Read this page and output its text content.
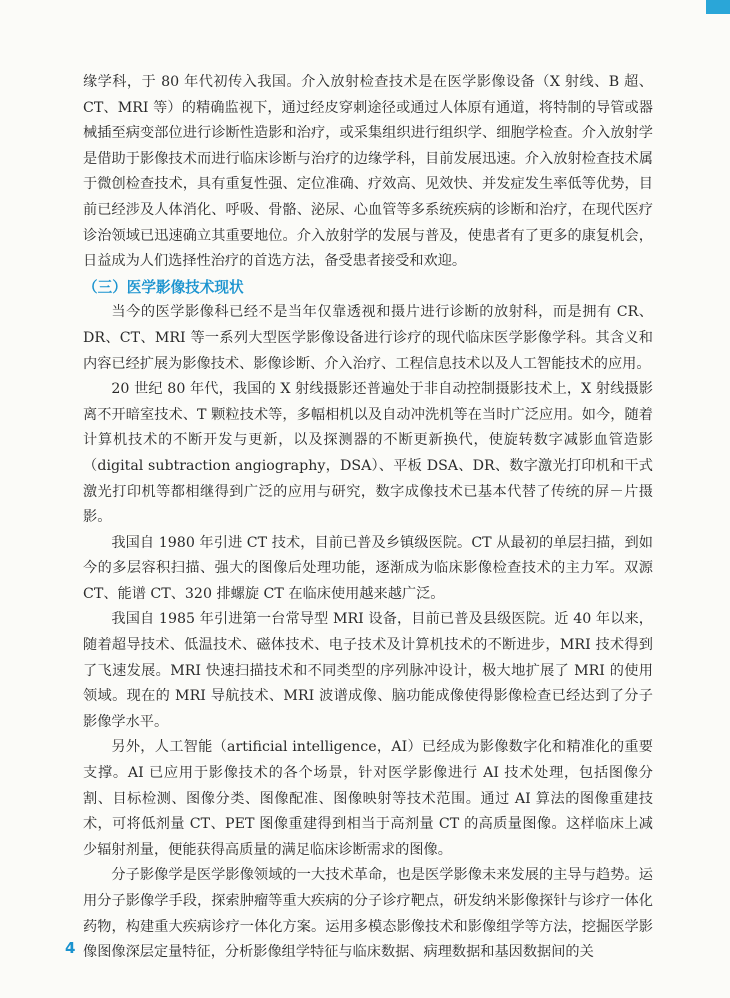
缘学科，于 80 年代初传入我国。介入放射检查技术是在医学影像设备（X 射线、B 超、CT、MRI 等）的精确监视下，通过经皮穿刺途径或通过人体原有通道，将特制的导管或器械插至病变部位进行诊断性造影和治疗，或采集组织进行组织学、细胞学检查。介入放射学是借助于影像技术而进行临床诊断与治疗的边缘学科，目前发展迅速。介入放射检查技术属于微创检查技术，具有重复性强、定位准确、疗效高、见效快、并发症发生率低等优势，目前已经涉及人体消化、呼吸、骨骼、泌尿、心血管等多系统疾病的诊断和治疗，在现代医疗诊治领域已迅速确立其重要地位。介入放射学的发展与普及，使患者有了更多的康复机会，日益成为人们选择性治疗的首选方法，备受患者接受和欢迎。

（三）医学影像技术现状

当今的医学影像科已经不是当年仅靠透视和摄片进行诊断的放射科，而是拥有 CR、DR、CT、MRI 等一系列大型医学影像设备进行诊疗的现代临床医学影像学科。其含义和内容已经扩展为影像技术、影像诊断、介入治疗、工程信息技术以及人工智能技术的应用。

20 世纪 80 年代，我国的 X 射线摄影还普遍处于非自动控制摄影技术上，X 射线摄影离不开暗室技术、T 颗粒技术等，多幅相机以及自动冲洗机等在当时广泛应用。如今，随着计算机技术的不断开发与更新，以及探测器的不断更新换代，使旋转数字减影血管造影（digital subtraction angiography，DSA）、平板 DSA、DR、数字激光打印机和干式激光打印机等都相继得到广泛的应用与研究，数字成像技术已基本代替了传统的屏－片摄影。

我国自 1980 年引进 CT 技术，目前已普及乡镇级医院。CT 从最初的单层扫描，到如今的多层容积扫描、强大的图像后处理功能，逐渐成为临床影像检查技术的主力军。双源 CT、能谱 CT、320 排螺旋 CT 在临床使用越来越广泛。

我国自 1985 年引进第一台常导型 MRI 设备，目前已普及县级医院。近 40 年以来，随着超导技术、低温技术、磁体技术、电子技术及计算机技术的不断进步，MRI 技术得到了飞速发展。MRI 快速扫描技术和不同类型的序列脉冲设计，极大地扩展了 MRI 的使用领域。现在的 MRI 导航技术、MRI 波谱成像、脑功能成像使得影像检查已经达到了分子影像学水平。

另外，人工智能（artificial intelligence，AI）已经成为影像数字化和精准化的重要支撑。AI 已应用于影像技术的各个场景，针对医学影像进行 AI 技术处理，包括图像分割、目标检测、图像分类、图像配准、图像映射等技术范围。通过 AI 算法的图像重建技术，可将低剂量 CT、PET 图像重建得到相当于高剂量 CT 的高质量图像。这样临床上减少辐射剂量，便能获得高质量的满足临床诊断需求的图像。

分子影像学是医学影像领域的一大技术革命，也是医学影像未来发展的主导与趋势。运用分子影像学手段，探索肿瘤等重大疾病的分子诊疗靶点，研发纳米影像探针与诊疗一体化药物，构建重大疾病诊疗一体化方案。运用多模态影像技术和影像组学等方法，挖掘医学影像图像深层定量特征，分析影像组学特征与临床数据、病理数据和基因数据间的关

4
